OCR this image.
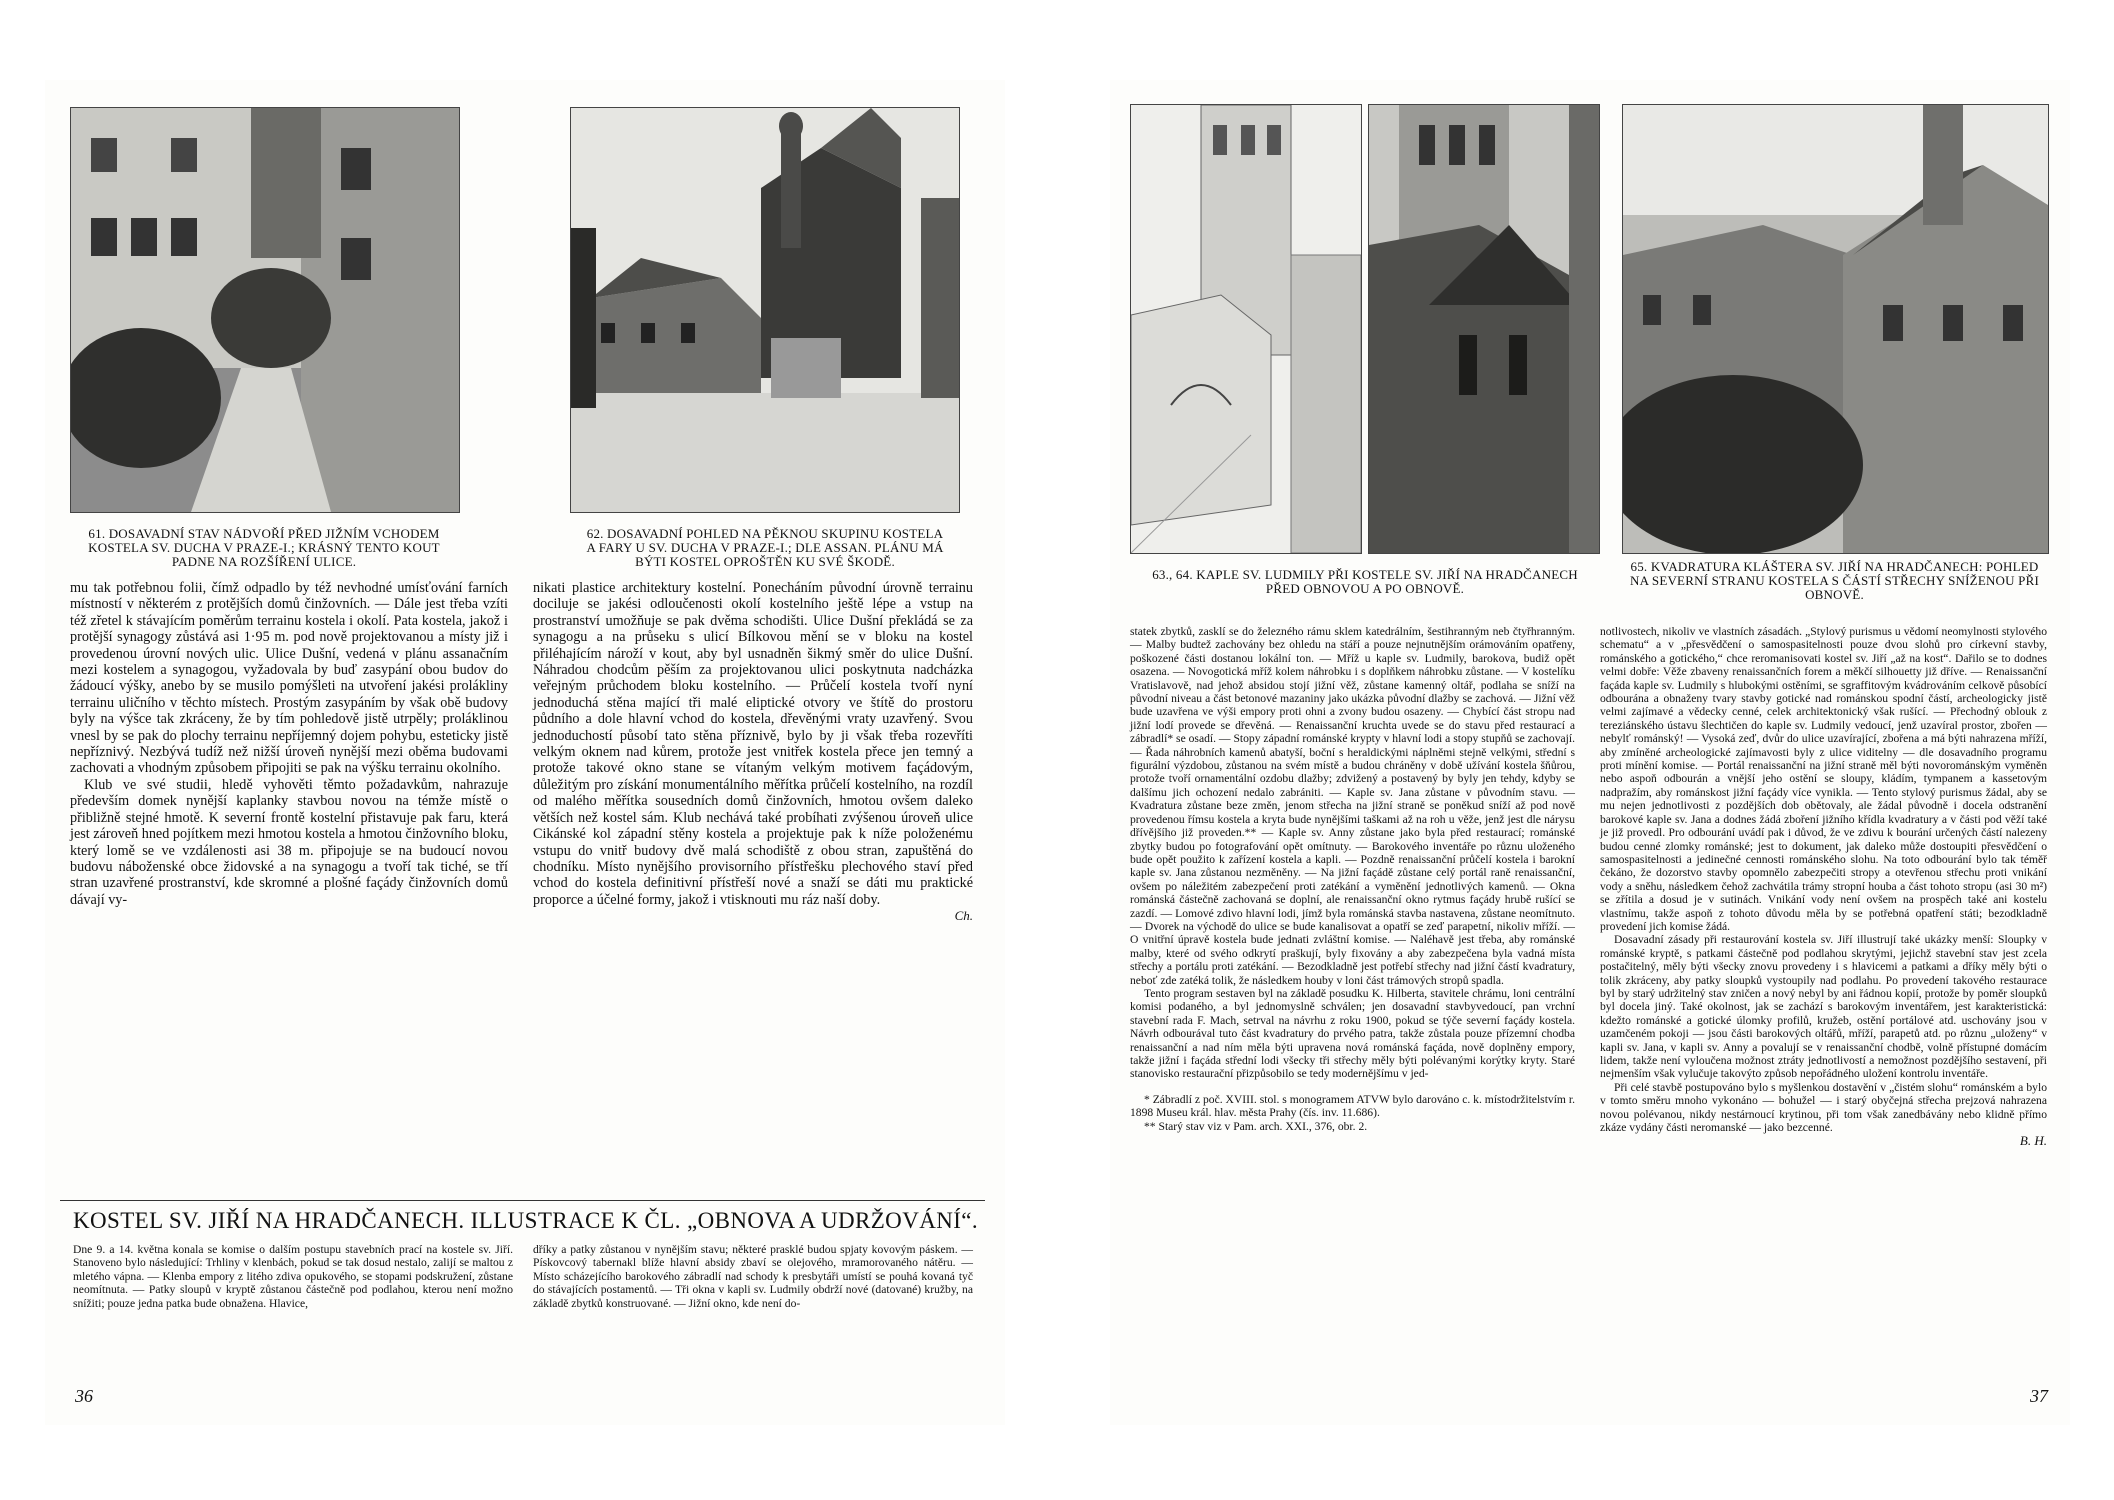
61. DOSAVADNÍ STAV NÁDVOŘÍ PŘED JIŽNÍM VCHODEM KOSTELA SV. DUCHA V PRAZE-I.; KRÁSNÝ TENTO KOUT PADNE NA ROZŠÍŘENÍ ULICE.
62. DOSAVADNÍ POHLED NA PĚKNOU SKUPINU KOSTELA A FARY U SV. DUCHA V PRAZE-I.; DLE ASSAN. PLÁNU MÁ BÝTI KOSTEL OPROŠTĚN KU SVÉ ŠKODĚ.

mu tak potřebnou folii, čímž odpadlo by též nevhodné umísťování farních místností v některém z protějších domů činžovních. — Dále jest třeba vzíti též zřetel k stávajícím poměrům terrainu kostela i okolí. Pata kostela, jakož i protější synagogy zůstává asi 1·95 m. pod nově projektovanou a místy již i provedenou úrovní nových ulic. Ulice Dušní, vedená v plánu assanačním mezi kostelem a synagogou, vyžadovala by buď zasypání obou budov do žádoucí výšky, anebo by se musilo pomýšleti na utvoření jakési prolákliny terrainu uličního v těchto místech. Prostým zasypáním by však obě budovy byly na výšce tak zkráceny, že by tím pohledově jistě utrpěly; proláklinou vnesl by se pak do plochy terrainu nepříjemný dojem pohybu, esteticky jistě nepříznivý. Nezbývá tudíž než nižší úroveň nynější mezi oběma budovami zachovati a vhodným způsobem připojiti se pak na výšku terrainu okolního.

Klub ve své studii, hledě vyhověti těmto požadavkům, nahrazuje především domek nynější kaplanky stavbou novou na témže místě o přibližně stejné hmotě. K severní frontě kostelní přistavuje pak faru, která jest zároveň hned pojítkem mezi hmotou kostela a hmotou činžovního bloku, který lomě se ve vzdálenosti asi 38 m. připojuje se na budoucí novou budovu náboženské obce židovské a na synagogu a tvoří tak tiché, se tří stran uzavřené prostranství, kde skromné a plošné façády činžovních domů dávají vy-

nikati plastice architektury kostelní. Ponecháním původní úrovně terrainu dociluje se jakési odloučenosti okolí kostelního ještě lépe a vstup na prostranství umožňuje se pak dvěma schodišti. Ulice Dušní překládá se za synagogu a na průseku s ulicí Bílkovou mění se v bloku na kostel přiléhajícím nároží v kout, aby byl usnadněn šikmý směr do ulice Dušní. Náhradou chodcům pěším za projektovanou ulici poskytnuta nadcházka veřejným průchodem bloku kostelního. — Průčelí kostela tvoří nyní jednoduchá stěna mající tři malé eliptické otvory ve štítě do prostoru půdního a dole hlavní vchod do kostela, dřevěnými vraty uzavřený. Svou jednoduchostí působí tato stěna příznivě, bylo by ji však třeba rozevříti velkým oknem nad kůrem, protože jest vnitřek kostela přece jen temný a protože takové okno stane se vítaným velkým motivem façádovým, důležitým pro získání monumentálního měřítka průčelí kostelního, na rozdíl od malého měřítka sousedních domů činžovních, hmotou ovšem daleko větších než kostel sám. Klub nechává také probíhati zvýšenou úroveň ulice Cikánské kol západní stěny kostela a projektuje pak k níže položenému vstupu do vnitř budovy dvě malá schodiště z obou stran, zapuštěná do chodníku. Místo nynějšího provisorního přístřešku plechového staví před vchod do kostela definitivní přístřeší nové a snaží se dáti mu praktické proporce a účelné formy, jakož i vtisknouti mu ráz naší doby.

Ch.
KOSTEL SV. JIŘÍ NA HRADČANECH. ILLUSTRACE K ČL. „OBNOVA A UDRŽOVÁNÍ“.
Dne 9. a 14. května konala se komise o dalším postupu stavebních prací na kostele sv. Jiří. Stanoveno bylo následující: Trhliny v klenbách, pokud se tak dosud nestalo, zalijí se maltou z mletého vápna. — Klenba empory z litého zdiva opukového, se stopami podskružení, zůstane neomítnuta. — Patky sloupů v kryptě zůstanou částečně pod podlahou, kterou není možno snížiti; pouze jedna patka bude obnažena. Hlavice,
dříky a patky zůstanou v nynějším stavu; některé prasklé budou spjaty kovovým páskem. — Pískovcový tabernakl blíže hlavní absidy zbaví se olejového, mramorovaného nátěru. — Místo scházejícího barokového zábradlí nad schody k presbytáři umístí se pouhá kovaná tyč do stávajících postamentů. — Tři okna v kapli sv. Ludmily obdrží nové (datované) kružby, na základě zbytků konstruované. — Jižní okno, kde není do-
36
63., 64. KAPLE SV. LUDMILY PŘI KOSTELE SV. JIŘÍ NA HRADČANECH PŘED OBNOVOU A PO OBNOVĚ.
65. KVADRATURA KLÁŠTERA SV. JIŘÍ NA HRADČANECH: POHLED NA SEVERNÍ STRANU KOSTELA S ČÁSTÍ STŘECHY SNÍŽENOU PŘI OBNOVĚ.

statek zbytků, zasklí se do železného rámu sklem katedrálním, šestihranným neb čtyřhranným. — Malby budtež zachovány bez ohledu na stáří a pouze nejnutnějším orámováním opatřeny, poškozené části dostanou lokální ton. — Mříž u kaple sv. Ludmily, barokova, budiž opět osazena. — Novogotická mříž kolem náhrobku i s doplňkem náhrobku zůstane. — V kostelíku Vratislavově, nad jehož absidou stojí jižní věž, zůstane kamenný oltář, podlaha se sníží na původní niveau a část betonové mazaniny jako ukázka původní dlažby se zachová. — Jižní věž bude uzavřena ve výši empory proti ohni a zvony budou osazeny. — Chybící část stropu nad jižní lodí provede se dřevěná. — Renaissanční kruchta uvede se do stavu před restaurací a zábradlí* se osadí. — Stopy západní románské krypty v hlavní lodi a stopy stupňů se zachovají. — Řada náhrobních kamenů abatyší, boční s heraldickými náplněmi stejně velkými, střední s figurální výzdobou, zůstanou na svém místě a budou chráněny v době užívání kostela šňůrou, protože tvoří ornamentální ozdobu dlažby; zdvižený a postavený by byly jen tehdy, kdyby se dalšímu jich ochození nedalo zabrániti. — Kaple sv. Jana zůstane v původním stavu. — Kvadratura zůstane beze změn, jenom střecha na jižní straně se poněkud sníží až pod nově provedenou římsu kostela a kryta bude nynějšími taškami až na roh u věže, jenž jest dle nárysu dřívějšího již proveden.** — Kaple sv. Anny zůstane jako byla před restaurací; románské zbytky budou po fotografování opět omítnuty. — Barokového inventáře po různu uloženého bude opět použito k zařízení kostela a kapli. — Pozdně renaissanční průčelí kostela i barokní kaple sv. Jana zůstanou nezměněny. — Na jižní façádě zůstane celý portál raně renaissanční, ovšem po náležitém zabezpečení proti zatékání a vyměnění jednotlivých kamenů. — Okna románská částečně zachovaná se doplní, ale renaissanční okno rytmus façády hrubě rušící se zazdí. — Lomové zdivo hlavní lodi, jímž byla románská stavba nastavena, zůstane neomítnuto. — Dvorek na východě do ulice se bude kanalisovat a opatří se zeď parapetní, nikoliv mříží. — O vnitřní úpravě kostela bude jednati zvláštní komise. — Naléhavě jest třeba, aby románské malby, které od svého odkrytí praškují, byly fixovány a aby zabezpečena byla vadná místa střechy a portálu proti zatékání. — Bezodkladně jest potřebí střechy nad jižní částí kvadratury, neboť zde zatéká tolik, že následkem houby v loni část trámových stropů spadla.

Tento program sestaven byl na základě posudku K. Hilberta, stavitele chrámu, loni centrální komisi podaného, a byl jednomyslně schválen; jen dosavadní stavbyvedoucí, pan vrchní stavební rada F. Mach, setrval na návrhu z roku 1900, pokud se týče severní façády kostela. Návrh odbourával tuto část kvadratury do prvého patra, takže zůstala pouze přízemní chodba renaissanční a nad ním měla býti upravena nová románská façáda, nově doplněny empory, takže jižní i façáda střední lodi všecky tři střechy měly býti polévanými korýtky kryty. Staré stanovisko restaurační přizpůsobilo se tedy modernějšímu v jed-

* Zábradlí z poč. XVIII. stol. s monogramem ATVW bylo darováno c. k. místodržitelstvím r. 1898 Museu král. hlav. města Prahy (čís. inv. 11.686).

** Starý stav viz v Pam. arch. XXI., 376, obr. 2.

notlivostech, nikoliv ve vlastních zásadách. „Stylový purismus u vědomí neomylnosti stylového schematu“ a v „přesvědčení o samospasitelnosti pouze dvou slohů pro církevní stavby, románského a gotického,“ chce reromanisovati kostel sv. Jiří „až na kost“. Dařilo se to dodnes velmi dobře: Věže zbaveny renaissančních forem a měkčí silhouetty již dříve. — Renaissanční façáda kaple sv. Ludmily s hlubokými ostěními, se sgraffitovým kvádrováním celkově působící odbourána a obnaženy tvary stavby gotické nad románskou spodní částí, archeologicky jistě velmi zajímavé a vědecky cenné, celek architektonický však rušící. — Přechodný oblouk z tereziánského ústavu šlechtičen do kaple sv. Ludmily vedoucí, jenž uzavíral prostor, zbořen — nebylť románský! — Vysoká zeď, dvůr do ulice uzavírající, zbořena a má býti nahrazena mříží, aby zmíněné archeologické zajímavosti byly z ulice viditelny — dle dosavadního programu proti mínění komise. — Portál renaissanční na jižní straně měl býti novorománským vyměněn nebo aspoň odbourán a vnější jeho ostění se sloupy, kládím, tympanem a kassetovým nadpražím, aby románskost jižní façády více vynikla. — Tento stylový purismus žádal, aby se mu nejen jednotlivosti z pozdějších dob obětovaly, ale žádal původně i docela odstranění barokové kaple sv. Jana a dodnes žádá zboření jižního křídla kvadratury a v části pod věží také je již provedl. Pro odbourání uvádí pak i důvod, že ve zdivu k bourání určených částí nalezeny budou cenné zlomky románské; jest to dokument, jak daleko může dostoupiti přesvědčení o samospasitelnosti a jedinečné cennosti románského slohu. Na toto odbourání bylo tak téměř čekáno, že dozorstvo stavby opomnělo zabezpečiti stropy a otevřenou střechu proti vnikání vody a sněhu, následkem čehož zachvátila trámy stropní houba a část tohoto stropu (asi 30 m²) se zřítila a dosud je v sutinách. Vnikání vody není ovšem na prospěch také ani kostelu vlastnímu, takže aspoň z tohoto důvodu měla by se potřebná opatření státi; bezodkladně provedení jich komise žádá.

Dosavadní zásady při restaurování kostela sv. Jiří illustrují také ukázky menší: Sloupky v románské kryptě, s patkami částečně pod podlahou skrytými, jejichž stavební stav jest zcela postačitelný, měly býti všecky znovu provedeny i s hlavicemi a patkami a dříky měly býti o tolik zkráceny, aby patky sloupků vystoupily nad podlahu. Po provedení takového restaurace byl by starý udržitelný stav zničen a nový nebyl by ani řádnou kopií, protože by poměr sloupků byl docela jiný. Také okolnost, jak se zachází s barokovým inventářem, jest karakteristická: kdežto románské a gotické úlomky profilů, kružeb, ostění portálové atd. uschovány jsou v uzamčeném pokoji — jsou části barokových oltářů, mříží, parapetů atd. po různu „uloženy“ v kapli sv. Jana, v kapli sv. Anny a povalují se v renaissanční chodbě, volně přístupné domácím lidem, takže není vyloučena možnost ztráty jednotlivostí a nemožnost pozdějšího sestavení, při nejmenším však vylučuje takovýto způsob nepořádného uložení kontrolu inventáře.

Při celé stavbě postupováno bylo s myšlenkou dostavění v „čistém slohu“ románském a bylo v tomto směru mnoho vykonáno — bohužel — i starý obyčejná střecha prejzová nahrazena novou polévanou, nikdy nestárnoucí krytinou, při tom však zanedbávány nebo klidně přímo zkáze vydány části neromanské — jako bezcenné.

B. H.
37
